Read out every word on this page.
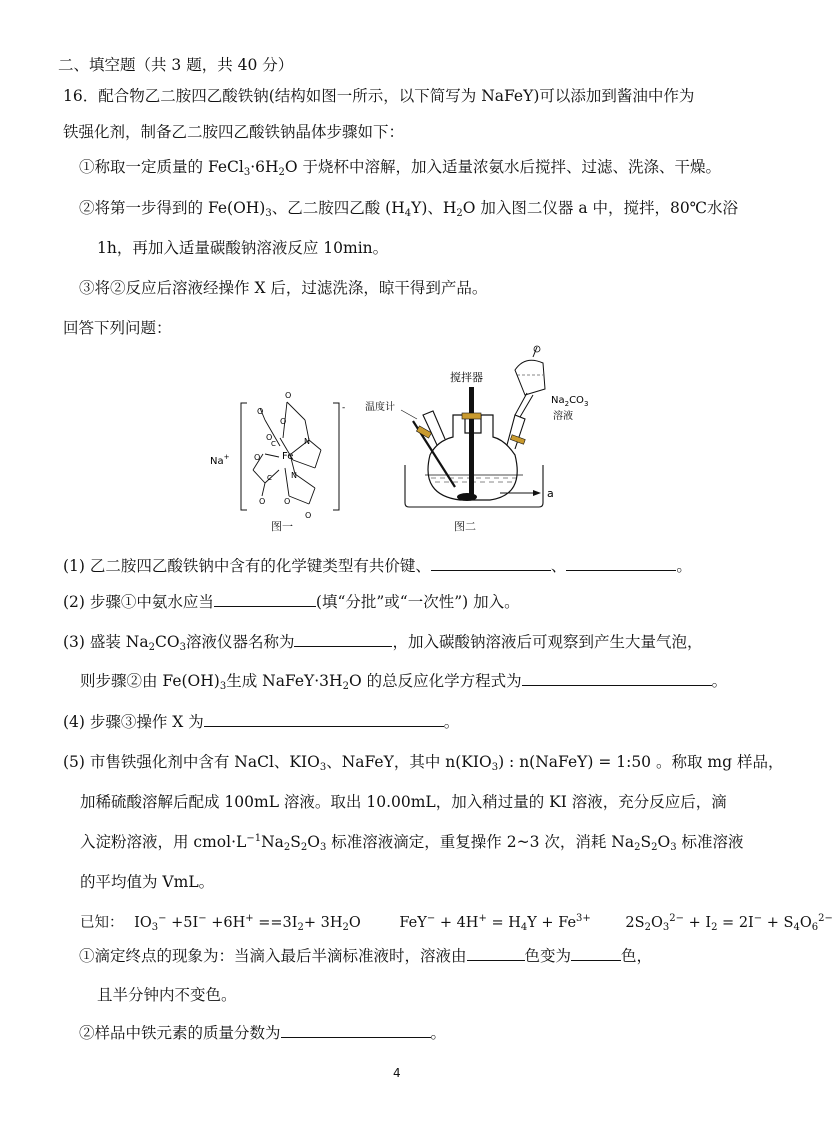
二、填空题（共 3 题，共 40 分）
16．配合物乙二胺四乙酸铁钠(结构如图一所示，以下简写为 NaFeY)可以添加到酱油中作为
铁强化剂，制备乙二胺四乙酸铁钠晶体步骤如下：
①称取一定质量的 $FeCl_3\cdot 6H_2O$ 于烧杯中溶解，加入适量浓氨水后搅拌、过滤、洗涤、干燥。
②将第一步得到的 $Fe(OH)_3$、乙二胺四乙酸 $(H_4Y)$、$H_2O$ 加入图二仪器 a 中，搅拌，80℃水浴
1h，再加入适量碳酸钠溶液反应 10min。
③将②反应后溶液经操作 X 后，过滤洗涤，晾干得到产品。
回答下列问题：
Fe
N
N
O
O
O
O
O
O O
O
C
C
-
Na+
图一
a
搅拌器
温度计
$Na_2CO_3$
溶液
图二
(1) 乙二胺四乙酸铁钠中含有的化学键类型有共价键、	、	。
(2) 步骤①中氨水应当	(填“分批”或“一次性”) 加入。
(3) 盛装 $Na_2CO_3$溶液仪器名称为	，加入碳酸钠溶液后可观察到产生大量气泡，
则步骤②由 $Fe(OH)_3$生成 $NaFeY\cdot 3H_2O$ 的总反应化学方程式为	。
(4) 步骤③操作 X 为	。
(5) 市售铁强化剂中含有 NaCl、$KIO_3$、NaFeY，其中 $n(KIO_3)$ : n(NaFeY) = 1:50 。称取 mg 样品，
加稀硫酸溶解后配成 100mL 溶液。取出 10.00mL，加入稍过量的 KI 溶液，充分反应后，滴
入淀粉溶液，用 $cmol\cdot L^{-1}Na_2S_2O_3$ 标准溶液滴定，重复操作 2~3 次，消耗 $Na_2S_2O_3$ 标准溶液
的平均值为 VmL。
已知： $IO_3^- +5I^- +6H^+ ==3I_2+ 3H_2O$	$FeY^- + 4H^+ = H_4Y + Fe^{3+}$ $2S_2O_3^{2-} + I_2 = 2I^- + S_4O_6^{2-}$
①滴定终点的现象为：当滴入最后半滴标准液时，溶液由	色变为	色，
且半分钟内不变色。
②样品中铁元素的质量分数为	。
4
